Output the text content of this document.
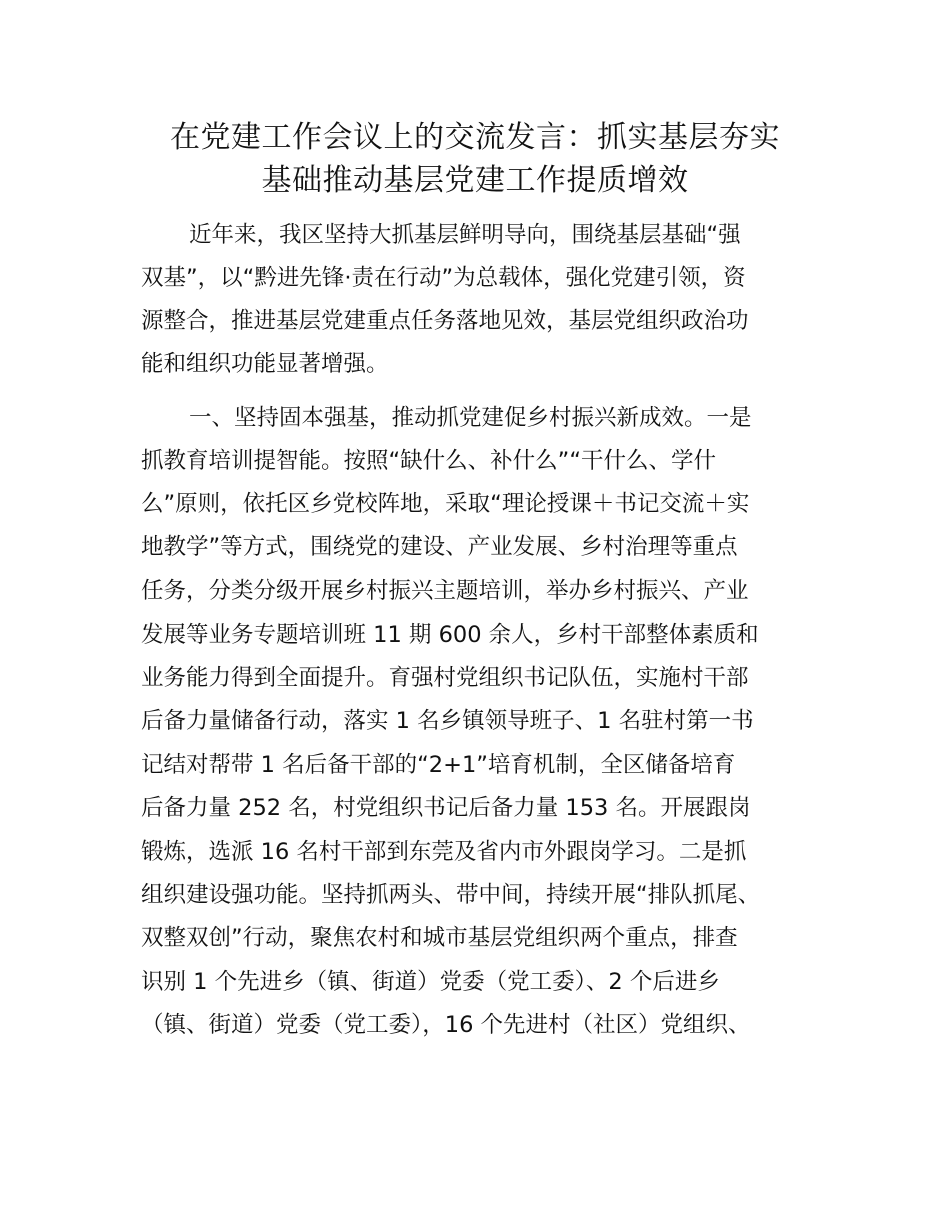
在党建工作会议上的交流发言：抓实基层夯实
基础推动基层党建工作提质增效
近年来，我区坚持大抓基层鲜明导向，围绕基层基础“强
双基”，以“黔进先锋·责在行动”为总载体，强化党建引领，资
源整合，推进基层党建重点任务落地见效，基层党组织政治功
能和组织功能显著增强。
一、坚持固本强基，推动抓党建促乡村振兴新成效。一是
抓教育培训提智能。按照“缺什么、补什么”“干什么、学什
么”原则，依托区乡党校阵地，采取“理论授课＋书记交流＋实
地教学”等方式，围绕党的建设、产业发展、乡村治理等重点
任务，分类分级开展乡村振兴主题培训，举办乡村振兴、产业
发展等业务专题培训班 11 期 600 余人，乡村干部整体素质和
业务能力得到全面提升。育强村党组织书记队伍，实施村干部
后备力量储备行动，落实 1 名乡镇领导班子、1 名驻村第一书
记结对帮带 1 名后备干部的“2+1”培育机制，全区储备培育
后备力量 252 名，村党组织书记后备力量 153 名。开展跟岗
锻炼，选派 16 名村干部到东莞及省内市外跟岗学习。二是抓
组织建设强功能。坚持抓两头、带中间，持续开展“排队抓尾、
双整双创”行动，聚焦农村和城市基层党组织两个重点，排查
识别 1 个先进乡（镇、街道）党委（党工委）、2 个后进乡
（镇、街道）党委（党工委），16 个先进村（社区）党组织、
